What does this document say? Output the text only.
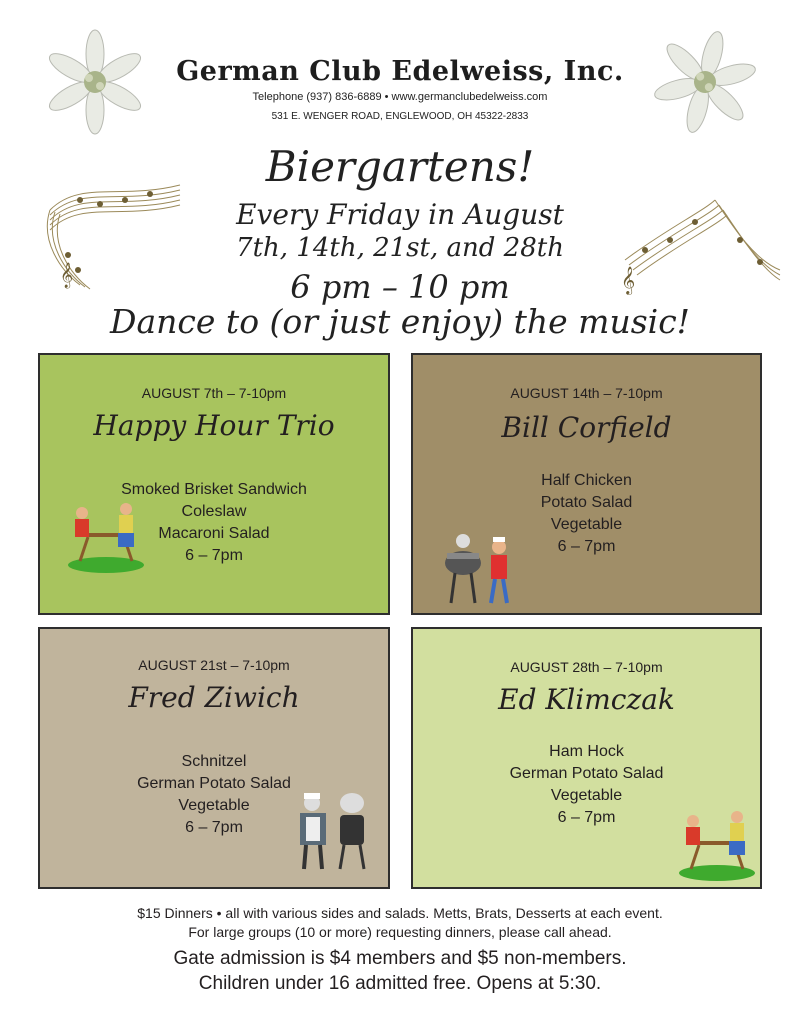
𝄞	𝄞
German Club Edelweiss, Inc.
Telephone (937) 836-6889 • www.germanclubedelweiss.com
531 E. WENGER ROAD, ENGLEWOOD, OH 45322-2833
Biergartens!
Every Friday in August
7th, 14th, 21st, and 28th
6 pm – 10 pm
Dance to (or just enjoy) the music!
AUGUST 7th – 7-10pm
Happy Hour Trio
Smoked Brisket Sandwich
Coleslaw
Macaroni Salad
6 – 7pm
AUGUST 14th – 7-10pm
Bill Corfield
Half Chicken
Potato Salad
Vegetable
6 – 7pm
AUGUST 21st – 7-10pm
Fred Ziwich
Schnitzel
German Potato Salad
Vegetable
6 – 7pm
AUGUST 28th – 7-10pm
Ed Klimczak
Ham Hock
German Potato Salad
Vegetable
6 – 7pm
$15 Dinners • all with various sides and salads. Metts, Brats, Desserts at each event.
For large groups (10 or more) requesting dinners, please call ahead.
Gate admission is $4 members and $5 non-members.
Children under 16 admitted free. Opens at 5:30.
